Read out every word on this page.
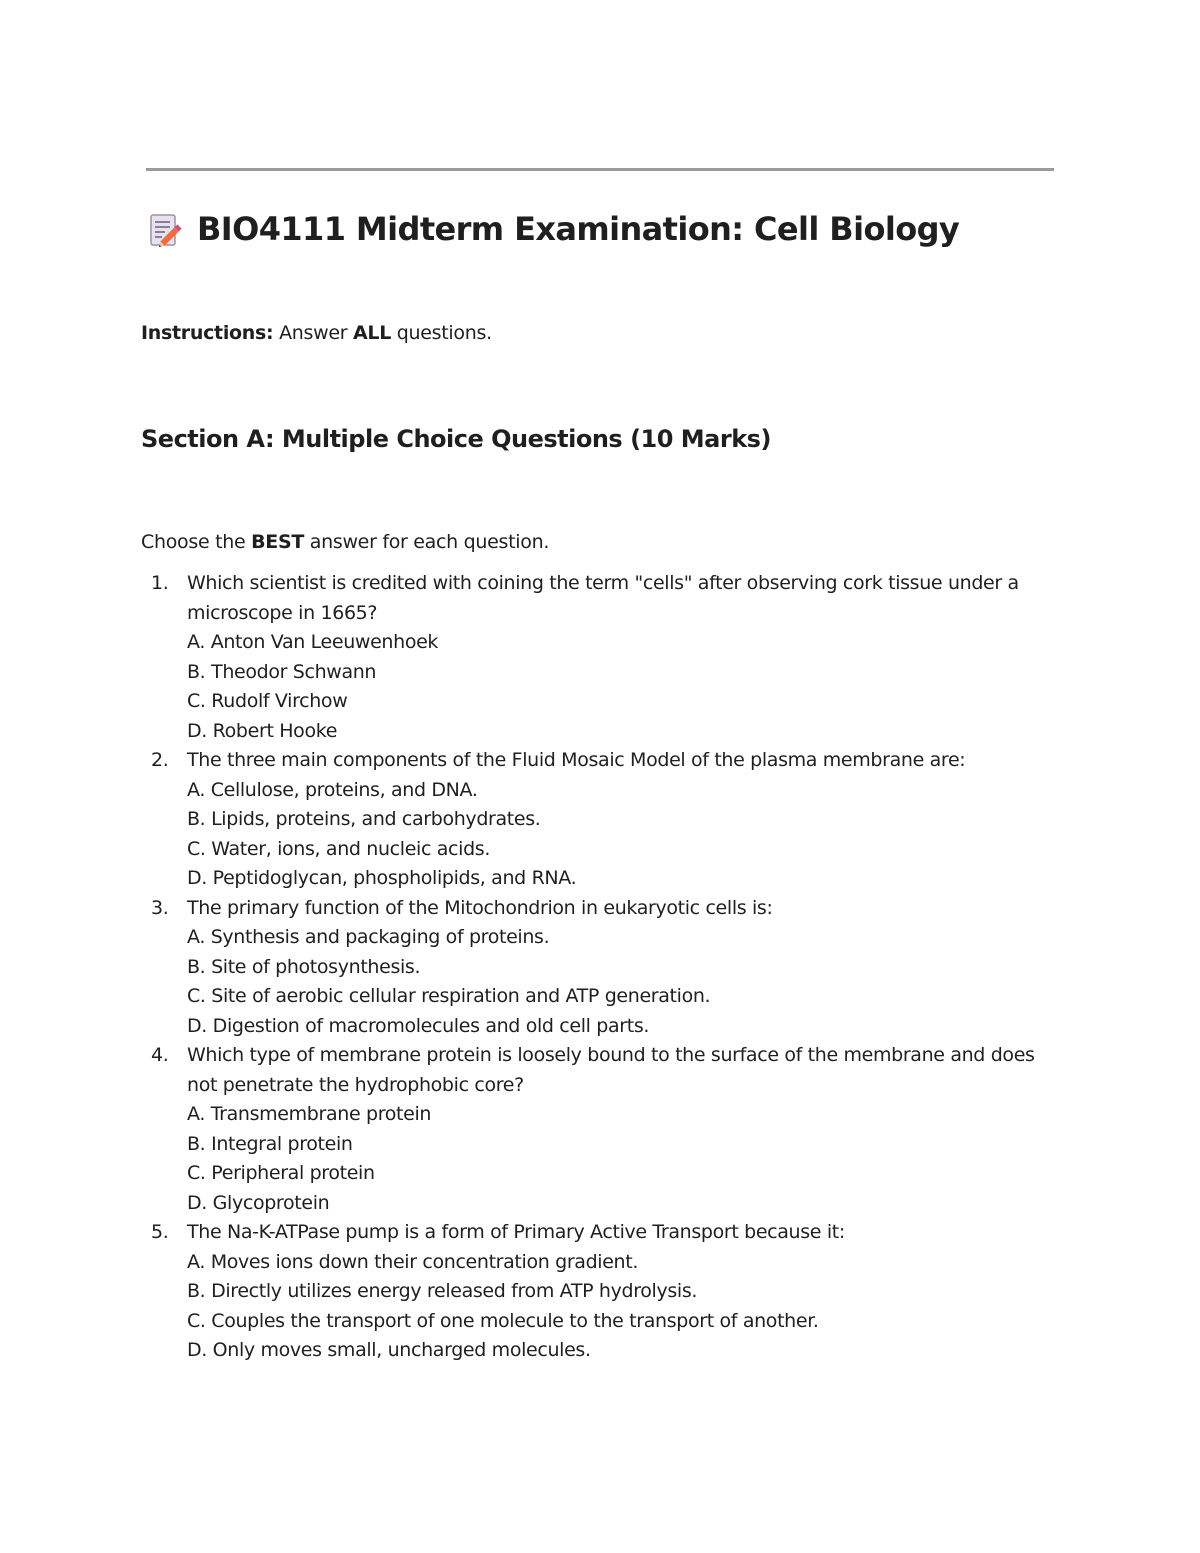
BIO4111 Midterm Examination: Cell Biology
Instructions: Answer ALL questions.
Section A: Multiple Choice Questions (10 Marks)
Choose the BEST answer for each question.
1. Which scientist is credited with coining the term "cells" after observing cork tissue under a microscope in 1665?
A. Anton Van Leeuwenhoek
B. Theodor Schwann
C. Rudolf Virchow
D. Robert Hooke
2. The three main components of the Fluid Mosaic Model of the plasma membrane are:
A. Cellulose, proteins, and DNA.
B. Lipids, proteins, and carbohydrates.
C. Water, ions, and nucleic acids.
D. Peptidoglycan, phospholipids, and RNA.
3. The primary function of the Mitochondrion in eukaryotic cells is:
A. Synthesis and packaging of proteins.
B. Site of photosynthesis.
C. Site of aerobic cellular respiration and ATP generation.
D. Digestion of macromolecules and old cell parts.
4. Which type of membrane protein is loosely bound to the surface of the membrane and does not penetrate the hydrophobic core?
A. Transmembrane protein
B. Integral protein
C. Peripheral protein
D. Glycoprotein
5. The Na-K-ATPase pump is a form of Primary Active Transport because it:
A. Moves ions down their concentration gradient.
B. Directly utilizes energy released from ATP hydrolysis.
C. Couples the transport of one molecule to the transport of another.
D. Only moves small, uncharged molecules.
